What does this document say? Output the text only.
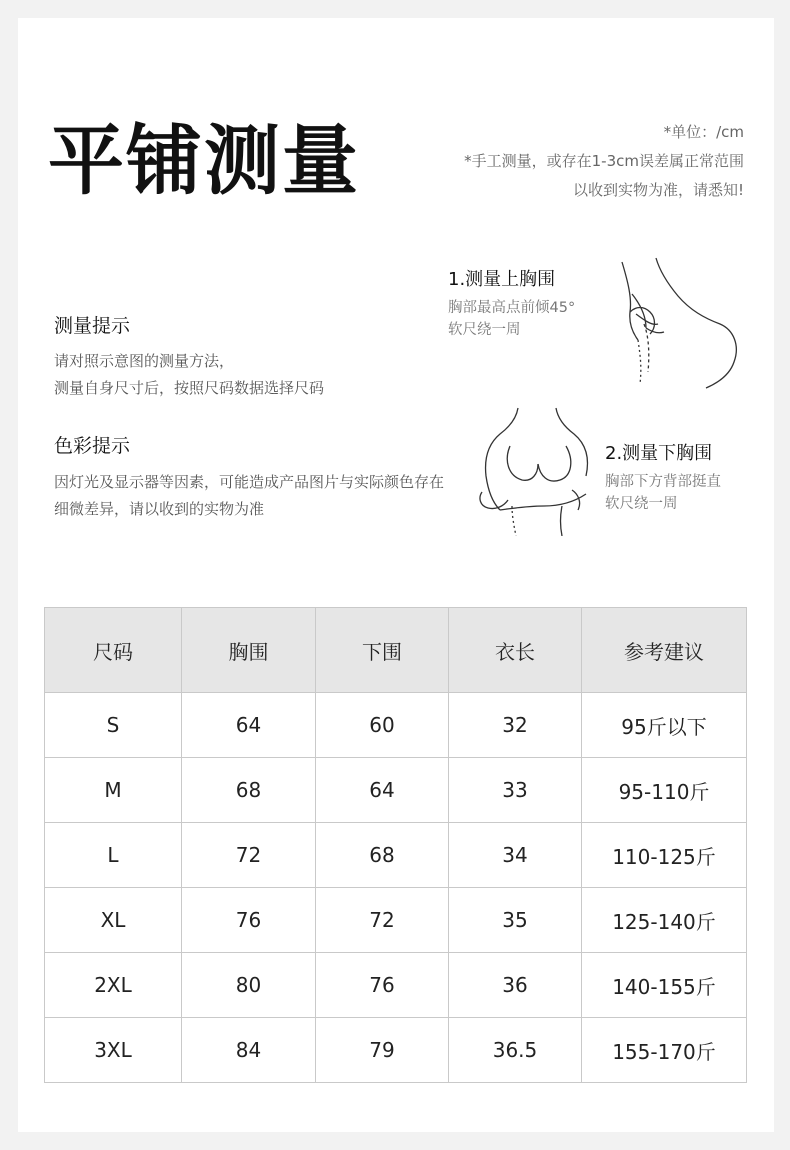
平铺测量	*单位：/cm
*手工测量，或存在1-3cm误差属正常范围
以收到实物为准，请悉知!
测量提示
请对照示意图的测量方法，
测量自身尺寸后，按照尺码数据选择尺码
色彩提示
因灯光及显示器等因素，可能造成产品图片与实际颜色存在
细微差异，请以收到的实物为准
1.测量上胸围
胸部最高点前倾45°
软尺绕一周
2.测量下胸围
胸部下方背部挺直
软尺绕一周
尺码	胸围	下围	衣长	参考建议
S	64	60	32	95斤以下
M	68	64	33	95-110斤
L	72	68	34	110-125斤
XL	76	72	35	125-140斤
2XL	80	76	36	140-155斤
3XL	84	79	36.5	155-170斤
